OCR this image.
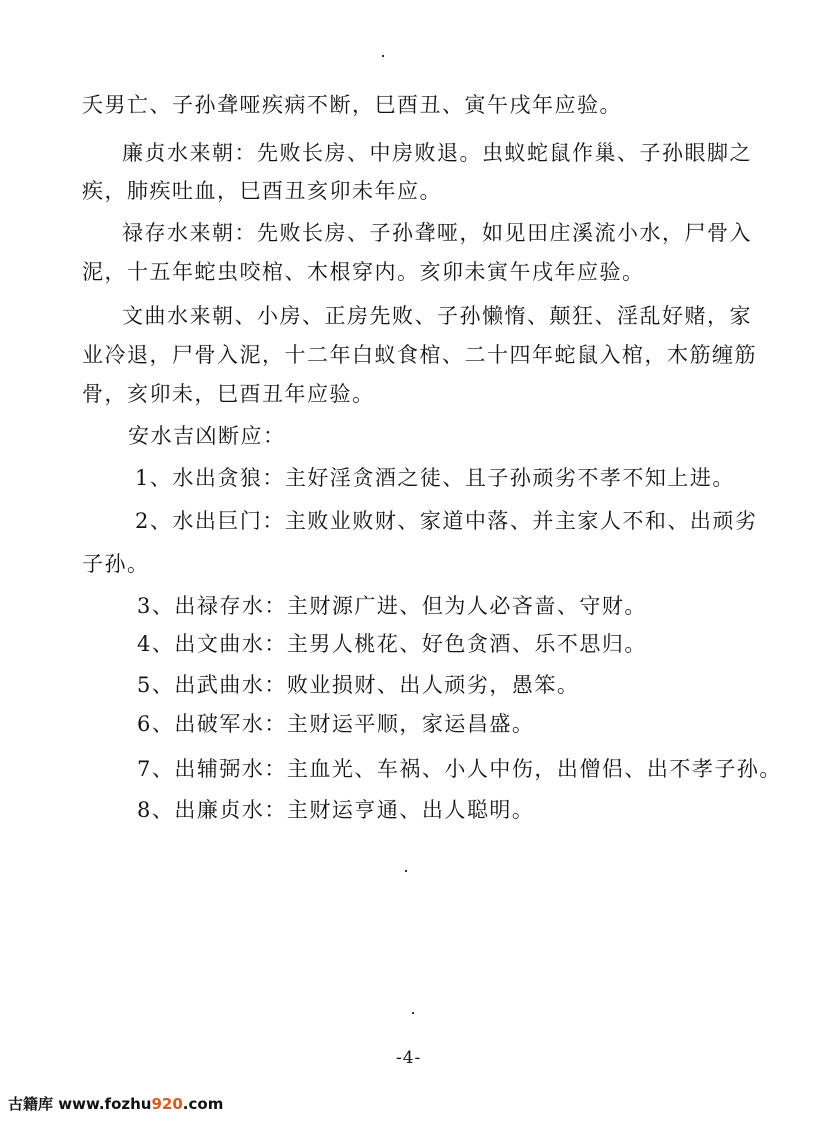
夭男亡、子孙聋哑疾病不断，巳酉丑、寅午戌年应验。
廉贞水来朝：先败长房、中房败退。虫蚁蛇鼠作巢、子孙眼脚之
疾，肺疾吐血，巳酉丑亥卯未年应。
禄存水来朝：先败长房、子孙聋哑，如见田庄溪流小水，尸骨入
泥，十五年蛇虫咬棺、木根穿内。亥卯未寅午戌年应验。
文曲水来朝、小房、正房先败、子孙懒惰、颠狂、淫乱好赌，家
业冷退，尸骨入泥，十二年白蚁食棺、二十四年蛇鼠入棺，木筋缠筋
骨，亥卯未，巳酉丑年应验。
安水吉凶断应：
1、水出贪狼：主好淫贪酒之徒、且子孙顽劣不孝不知上进。
2、水出巨门：主败业败财、家道中落、并主家人不和、出顽劣
子孙。
3、出禄存水：主财源广进、但为人必吝啬、守财。
4、出文曲水：主男人桃花、好色贪酒、乐不思归。
5、出武曲水：败业损财、出人顽劣，愚笨。
6、出破军水：主财运平顺，家运昌盛。
7、出辅弼水：主血光、车祸、小人中伤，出僧侣、出不孝子孙。
8、出廉贞水：主财运亨通、出人聪明。
-4-
古籍库 www.fozhu920.com
